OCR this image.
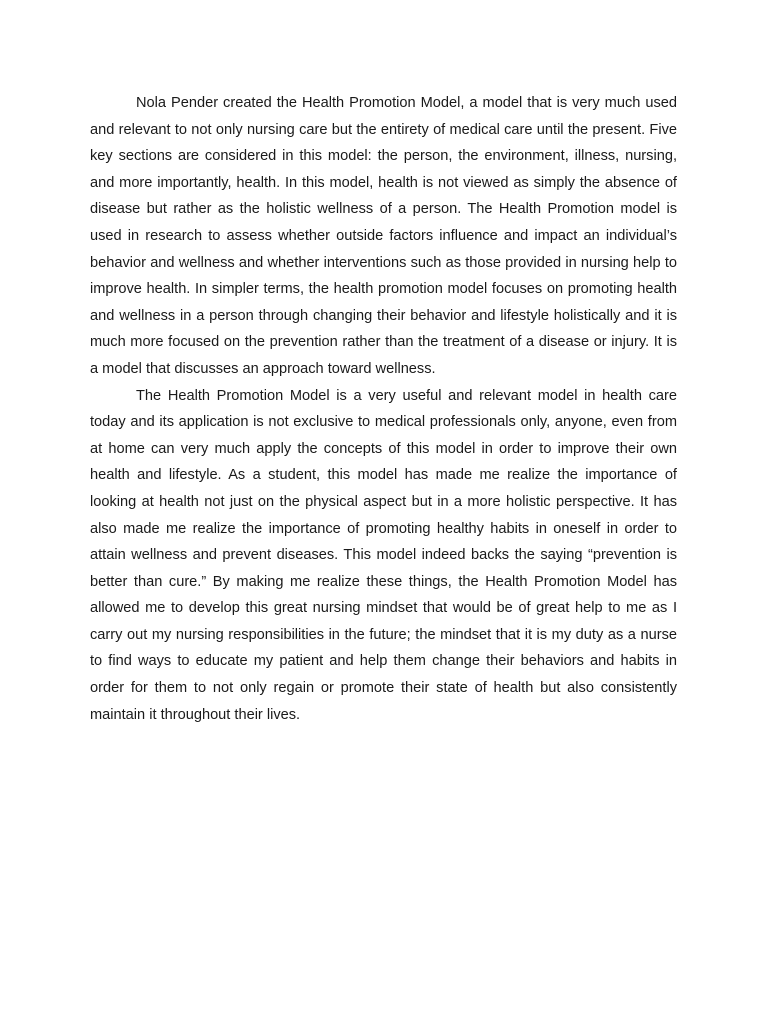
Nola Pender created the Health Promotion Model, a model that is very much used and relevant to not only nursing care but the entirety of medical care until the present. Five key sections are considered in this model: the person, the environment, illness, nursing, and more importantly, health. In this model, health is not viewed as simply the absence of disease but rather as the holistic wellness of a person. The Health Promotion model is used in research to assess whether outside factors influence and impact an individual’s behavior and wellness and whether interventions such as those provided in nursing help to improve health. In simpler terms, the health promotion model focuses on promoting health and wellness in a person through changing their behavior and lifestyle holistically and it is much more focused on the prevention rather than the treatment of a disease or injury. It is a model that discusses an approach toward wellness.

The Health Promotion Model is a very useful and relevant model in health care today and its application is not exclusive to medical professionals only, anyone, even from at home can very much apply the concepts of this model in order to improve their own health and lifestyle. As a student, this model has made me realize the importance of looking at health not just on the physical aspect but in a more holistic perspective. It has also made me realize the importance of promoting healthy habits in oneself in order to attain wellness and prevent diseases. This model indeed backs the saying “prevention is better than cure.” By making me realize these things, the Health Promotion Model has allowed me to develop this great nursing mindset that would be of great help to me as I carry out my nursing responsibilities in the future; the mindset that it is my duty as a nurse to find ways to educate my patient and help them change their behaviors and habits in order for them to not only regain or promote their state of health but also consistently maintain it throughout their lives.
